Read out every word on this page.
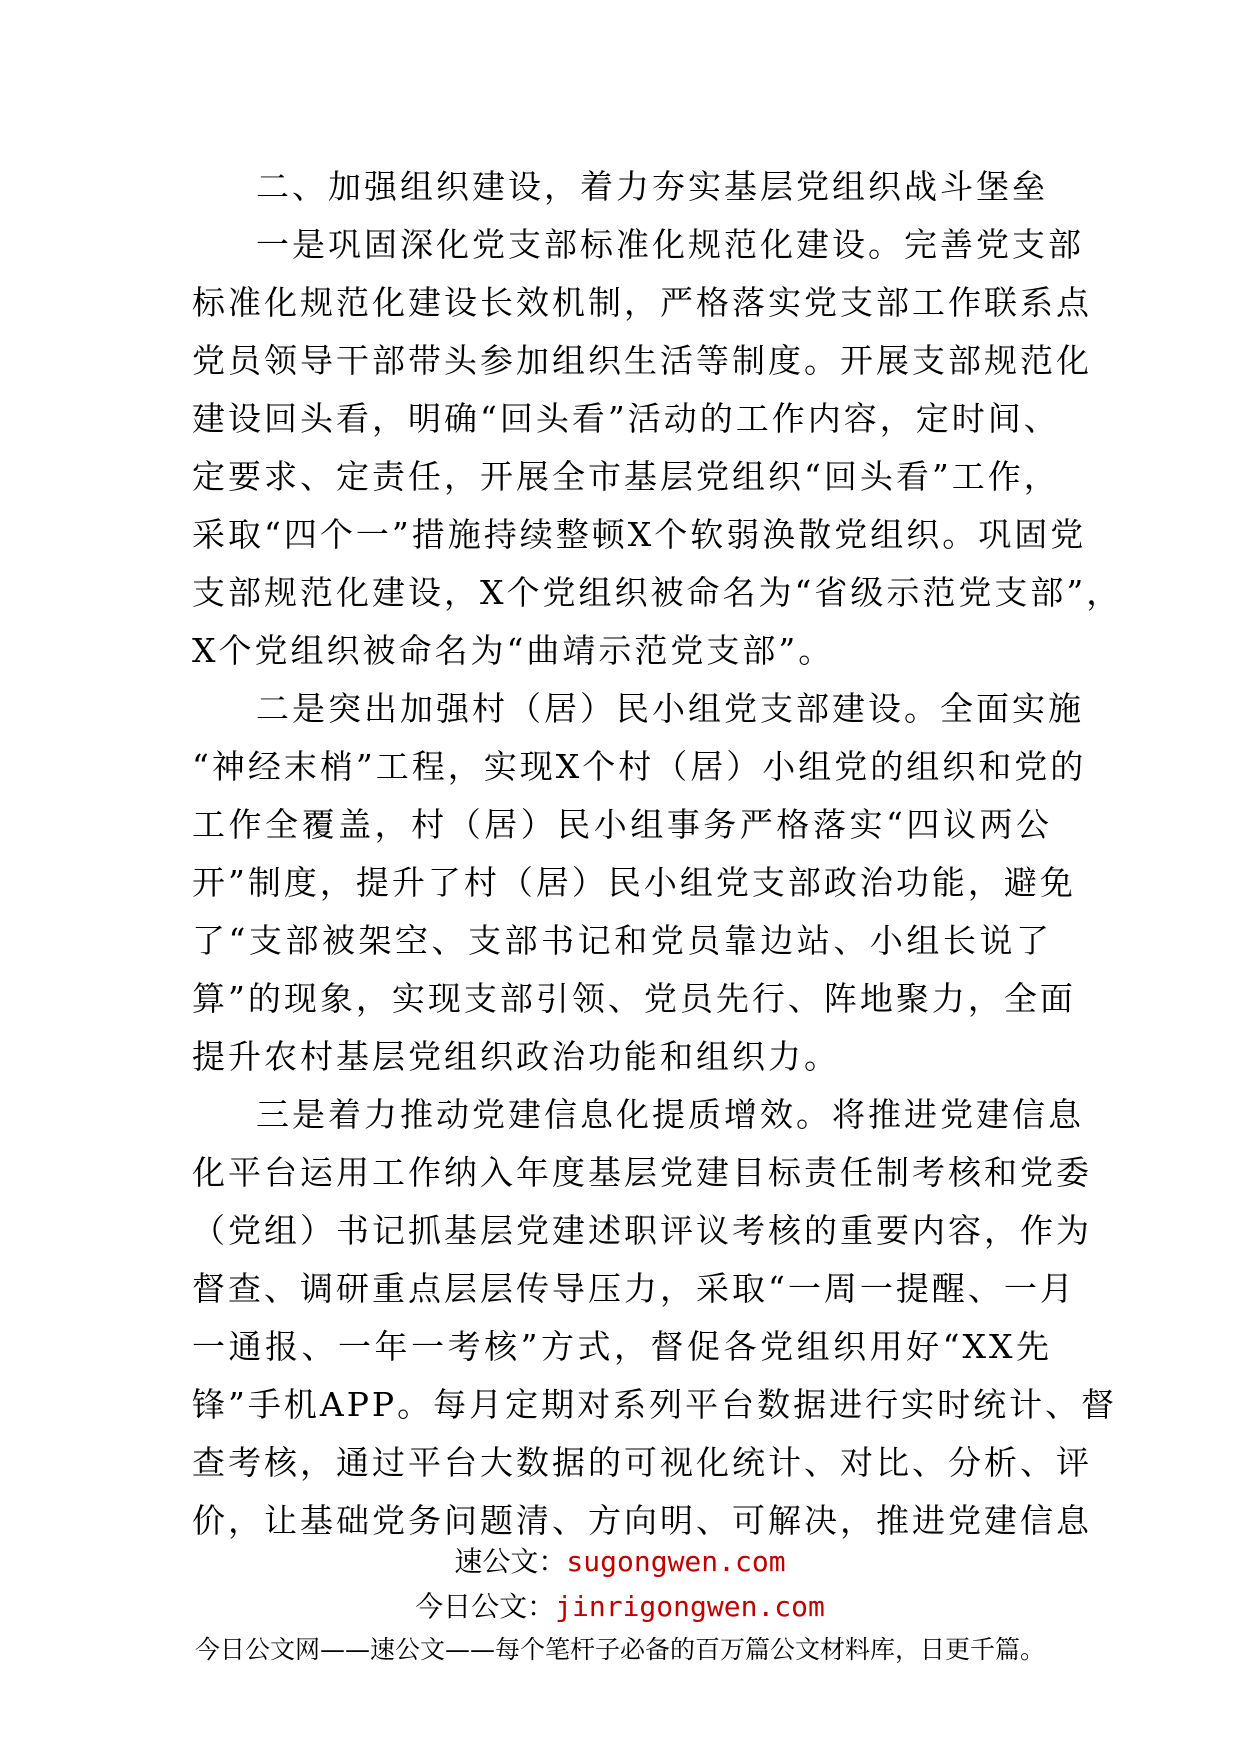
二、加强组织建设，着力夯实基层党组织战斗堡垒
一是巩固深化党支部标准化规范化建设。完善党支部
标准化规范化建设长效机制，严格落实党支部工作联系点
党员领导干部带头参加组织生活等制度。开展支部规范化
建设回头看，明确“回头看”活动的工作内容，定时间、
定要求、定责任，开展全市基层党组织“回头看”工作，
采取“四个一”措施持续整顿X个软弱涣散党组织。巩固党
支部规范化建设，X个党组织被命名为“省级示范党支部”，
X个党组织被命名为“曲靖示范党支部”。
二是突出加强村（居）民小组党支部建设。全面实施
“神经末梢”工程，实现X个村（居）小组党的组织和党的
工作全覆盖，村（居）民小组事务严格落实“四议两公
开”制度，提升了村（居）民小组党支部政治功能，避免
了“支部被架空、支部书记和党员靠边站、小组长说了
算”的现象，实现支部引领、党员先行、阵地聚力，全面
提升农村基层党组织政治功能和组织力。
三是着力推动党建信息化提质增效。将推进党建信息
化平台运用工作纳入年度基层党建目标责任制考核和党委
（党组）书记抓基层党建述职评议考核的重要内容，作为
督查、调研重点层层传导压力，采取“一周一提醒、一月
一通报、一年一考核”方式，督促各党组织用好“XX先
锋”手机APP。每月定期对系列平台数据进行实时统计、督
查考核，通过平台大数据的可视化统计、对比、分析、评
价，让基础党务问题清、方向明、可解决，推进党建信息
速公文：sugongwen.com
今日公文：jinrigongwen.com
今日公文网——速公文——每个笔杆子必备的百万篇公文材料库，日更千篇。
